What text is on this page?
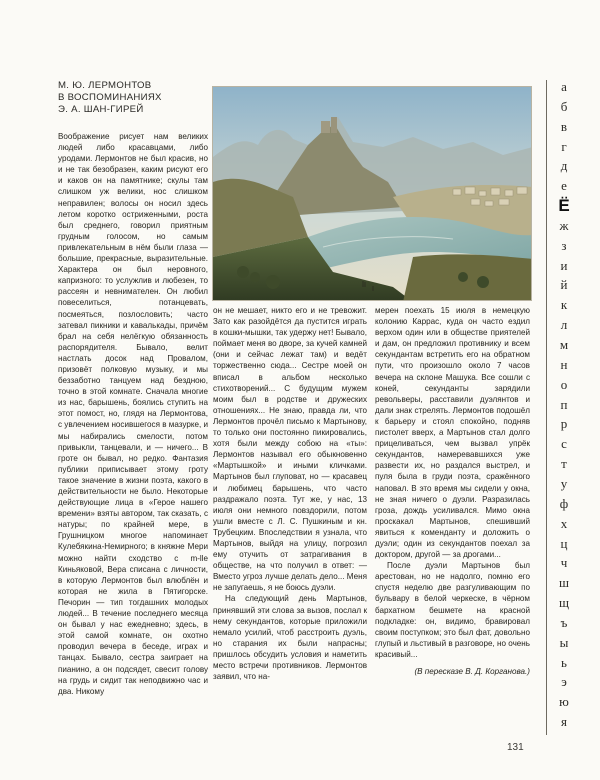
М. Ю. ЛЕРМОНТОВ
В ВОСПОМИНАНИЯХ
Э. А. ШАН-ГИРЕЙ

Воображение рисует нам великих людей либо красавцами, либо уродами. Лермонтов не был красив, но и не так безобразен, каким рисуют его и каков он на памятнике; скулы там слишком уж велики, нос слишком неправилен; волосы он носил здесь летом коротко остриженными, роста был среднего, говорил приятным грудным голосом, но самым привлекательным в нём были глаза — большие, прекрасные, выразительные. Характера он был неровного, капризного: то услужлив и любезен, то рассеян и невнимателен. Он любил повеселиться, потанцевать, посмеяться, позлословить; часто затевал пикники и кавалькады, причём брал на себя нелёгкую обязанность распорядителя. Бывало, велит настлать досок над Провалом, призовёт полковую музыку, и мы беззаботно танцуем над бездною, точно в этой комнате. Сначала многие из нас, барышень, боялись ступить на этот помост, но, глядя на Лермонтова, с увлечением носившегося в мазурке, и мы набирались смелости, потом привыкли, танцевали, и — ничего... В гроте он бывал, но редко. Фантазия публики приписывает этому гроту такое значение в жизни поэта, какого в действительности не было. Некоторые действующие лица в «Герое нашего времени» взяты автором, так сказать, с натуры; по крайней мере, в Грушницком многое напоминает Кулебякина-Немирного; в княжне Мери можно найти сходство с m-lle Киньяковой, Вера списана с личности, в которую Лермонтов был влюблён и которая не жила в Пятигорске. Печорин — тип тогдашних молодых людей... В течение последнего месяца он бывал у нас ежедневно; здесь, в этой самой комнате, он охотно проводил вечера в беседе, играх и танцах. Бывало, сестра заиграет на пианино, а он подсядет, свесит голову на грудь и сидит так неподвижно час и два. Никому

он не мешает, никто его и не тревожит. Зато как разойдётся да пустится играть в кошки-мышки, так удержу нет! Бывало, поймает меня во дворе, за кучей камней (они и сейчас лежат там) и ведёт торжественно сюда... Сестре моей он вписал в альбом несколько стихотворений... С будущим мужем моим был в родстве и дружеских отношениях... Не знаю, правда ли, что Лермонтов прочёл письмо к Мартынову, то только они постоянно пикировались, хотя были между собою на «ты»: Лермонтов называл его обыкновенно «Мартышкой» и иными кличками. Мартынов был глуповат, но — красавец и любимец барышень, что часто раздражало поэта. Тут же, у нас, 13 июля они немного повздорили, потом ушли вместе с Л. С. Пушкиным и кн. Трубецким. Впоследствии я узнала, что Мартынов, выйдя на улицу, погрозил ему отучить от затрагивания в обществе, на что получил в ответ: — Вместо угроз лучше делать дело... Меня не запугаешь, я не боюсь дуэли.

На следующий день Мартынов, принявший эти слова за вызов, послал к нему секундантов, которые приложили немало усилий, чтоб расстроить дуэль, но старания их были напрасны; пришлось обсудить условия и наметить место встречи противников. Лермонтов заявил, что на-

мерен поехать 15 июля в немецкую колонию Каррас, куда он часто ездил верхом один или в обществе приятелей и дам, он предложил противнику и всем секундантам встретить его на обратном пути, что произошло около 7 часов вечера на склоне Машука. Все сошли с коней, секунданты зарядили револьверы, расставили дуэлянтов и дали знак стрелять. Лермонтов подошёл к барьеру и стоял спокойно, подняв пистолет вверх, а Мартынов стал долго прицеливаться, чем вызвал упрёк секундантов, намеревавшихся уже развести их, но раздался выстрел, и пуля была в груди поэта, сражённого наповал. В это время мы сидели у окна, не зная ничего о дуэли. Разразилась гроза, дождь усиливался. Мимо окна проскакал Мартынов, спешивший явиться к коменданту и доложить о дуэли; один из секундантов поехал за доктором, другой — за дрогами...

После дуэли Мартынов был арестован, но не надолго, помню его спустя неделю две разгуливающим по бульвару в белой черкеске, в чёрном бархатном бешмете на красной подкладке: он, видимо, бравировал своим поступком; это был фат, довольно глупый и льстивый в разговоре, но очень красивый...

(В пересказе В. Д. Корганова.)

а
б
в
г
д
е
Ё
ж
з
и
й
к
л
м
н
о
п
р
с
т
у
ф
х
ц
ч
ш
щ
ъ
ы
ь
э
ю
я
131
